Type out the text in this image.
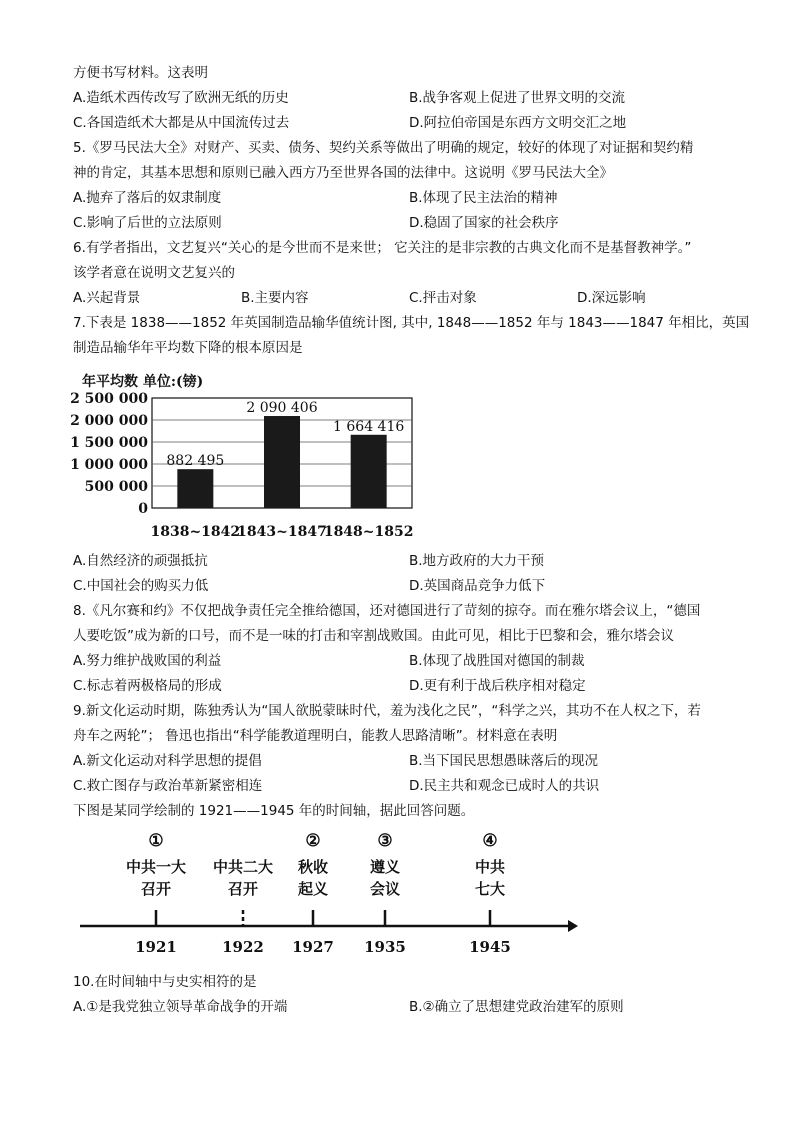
方便书写材料。这表明
A.造纸术西传改写了欧洲无纸的历史	B.战争客观上促进了世界文明的交流
C.各国造纸术大都是从中国流传过去	D.阿拉伯帝国是东西方文明交汇之地
5.《罗马民法大全》对财产、买卖、债务、契约关系等做出了明确的规定，较好的体现了对证据和契约精
神的肯定，其基本思想和原则已融入西方乃至世界各国的法律中。这说明《罗马民法大全》
A.抛弃了落后的奴隶制度	B.体现了民主法治的精神
C.影响了后世的立法原则	D.稳固了国家的社会秩序
6.有学者指出，文艺复兴“关心的是今世而不是来世； 它关注的是非宗教的古典文化而不是基督教神学。”
该学者意在说明文艺复兴的
A.兴起背景	B.主要内容	C.抨击对象	D.深远影响
7.下表是 1838——1852 年英国制造品输华值统计图, 其中, 1848——1852 年与 1843——1847 年相比，英国
制造品输华年平均数下降的根本原因是
年平均数 单位:(镑)
0
500 000
1 000 000
1 500 000
2 000 000
2 500 000
882 495
2 090 406
1 664 416
1838~1842
1843~1847
1848~1852
A.自然经济的顽强抵抗	B.地方政府的大力干预
C.中国社会的购买力低	D.英国商品竞争力低下
8.《凡尔赛和约》不仅把战争责任完全推给德国，还对德国进行了苛刻的掠夺。而在雅尔塔会议上，“德国
人要吃饭”成为新的口号，而不是一味的打击和宰割战败国。由此可见，相比于巴黎和会，雅尔塔会议
A.努力维护战败国的利益	B.体现了战胜国对德国的制裁
C.标志着两极格局的形成	D.更有利于战后秩序相对稳定
9.新文化运动时期，陈独秀认为“国人欲脱蒙昧时代，羞为浅化之民”，“科学之兴，其功不在人权之下，若
舟车之两轮”； 鲁迅也指出“科学能教道理明白，能教人思路清晰”。材料意在表明
A.新文化运动对科学思想的提倡	B.当下国民思想愚昧落后的现况
C.救亡图存与政治革新紧密相连	D.民主共和观念已成时人的共识
下图是某同学绘制的 1921——1945 年的时间轴，据此回答问题。
①
中共一大
召开
1921
中共二大
召开
1922
②
秋收
起义
1927
③
遵义
会议
1935
④
中共
七大
1945
10.在时间轴中与史实相符的是
A.①是我党独立领导革命战争的开端	B.②确立了思想建党政治建军的原则
